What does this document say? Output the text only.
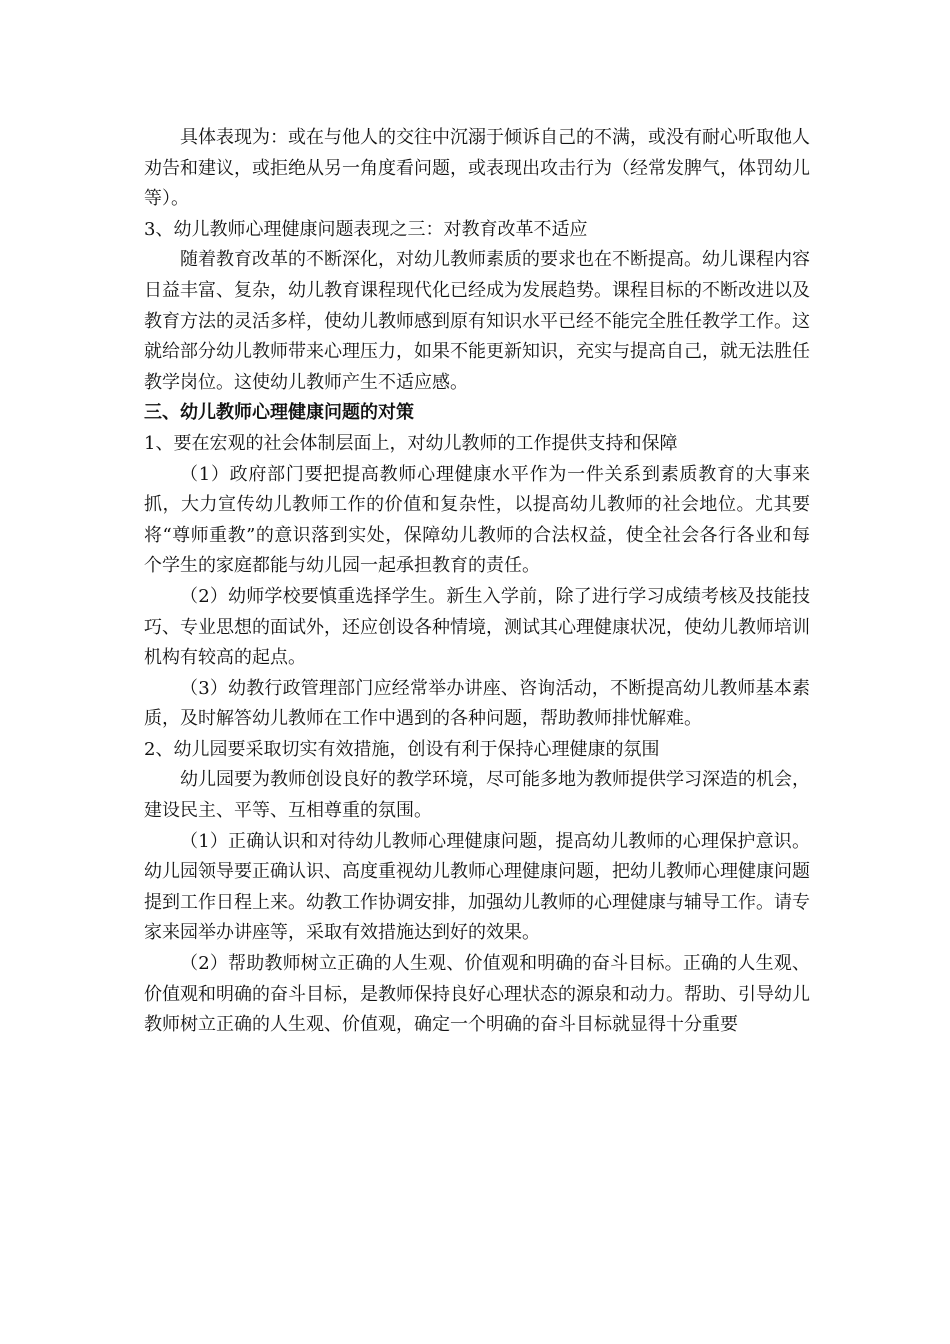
具体表现为：或在与他人的交往中沉溺于倾诉自己的不满，或没有耐心听取他人劝告和建议，或拒绝从另一角度看问题，或表现出攻击行为（经常发脾气，体罚幼儿等）。

3、幼儿教师心理健康问题表现之三：对教育改革不适应

随着教育改革的不断深化，对幼儿教师素质的要求也在不断提高。幼儿课程内容日益丰富、复杂，幼儿教育课程现代化已经成为发展趋势。课程目标的不断改进以及教育方法的灵活多样，使幼儿教师感到原有知识水平已经不能完全胜任教学工作。这就给部分幼儿教师带来心理压力，如果不能更新知识，充实与提高自己，就无法胜任教学岗位。这使幼儿教师产生不适应感。

三、幼儿教师心理健康问题的对策

1、要在宏观的社会体制层面上，对幼儿教师的工作提供支持和保障

（1）政府部门要把提高教师心理健康水平作为一件关系到素质教育的大事来抓，大力宣传幼儿教师工作的价值和复杂性，以提高幼儿教师的社会地位。尤其要将“尊师重教”的意识落到实处，保障幼儿教师的合法权益，使全社会各行各业和每个学生的家庭都能与幼儿园一起承担教育的责任。

（2）幼师学校要慎重选择学生。新生入学前，除了进行学习成绩考核及技能技巧、专业思想的面试外，还应创设各种情境，测试其心理健康状况，使幼儿教师培训机构有较高的起点。

（3）幼教行政管理部门应经常举办讲座、咨询活动，不断提高幼儿教师基本素质，及时解答幼儿教师在工作中遇到的各种问题，帮助教师排忧解难。

2、幼儿园要采取切实有效措施，创设有利于保持心理健康的氛围

幼儿园要为教师创设良好的教学环境，尽可能多地为教师提供学习深造的机会，建设民主、平等、互相尊重的氛围。

（1）正确认识和对待幼儿教师心理健康问题，提高幼儿教师的心理保护意识。幼儿园领导要正确认识、高度重视幼儿教师心理健康问题，把幼儿教师心理健康问题提到工作日程上来。幼教工作协调安排，加强幼儿教师的心理健康与辅导工作。请专家来园举办讲座等，采取有效措施达到好的效果。

（2）帮助教师树立正确的人生观、价值观和明确的奋斗目标。正确的人生观、价值观和明确的奋斗目标，是教师保持良好心理状态的源泉和动力。帮助、引导幼儿教师树立正确的人生观、价值观，确定一个明确的奋斗目标就显得十分重要
